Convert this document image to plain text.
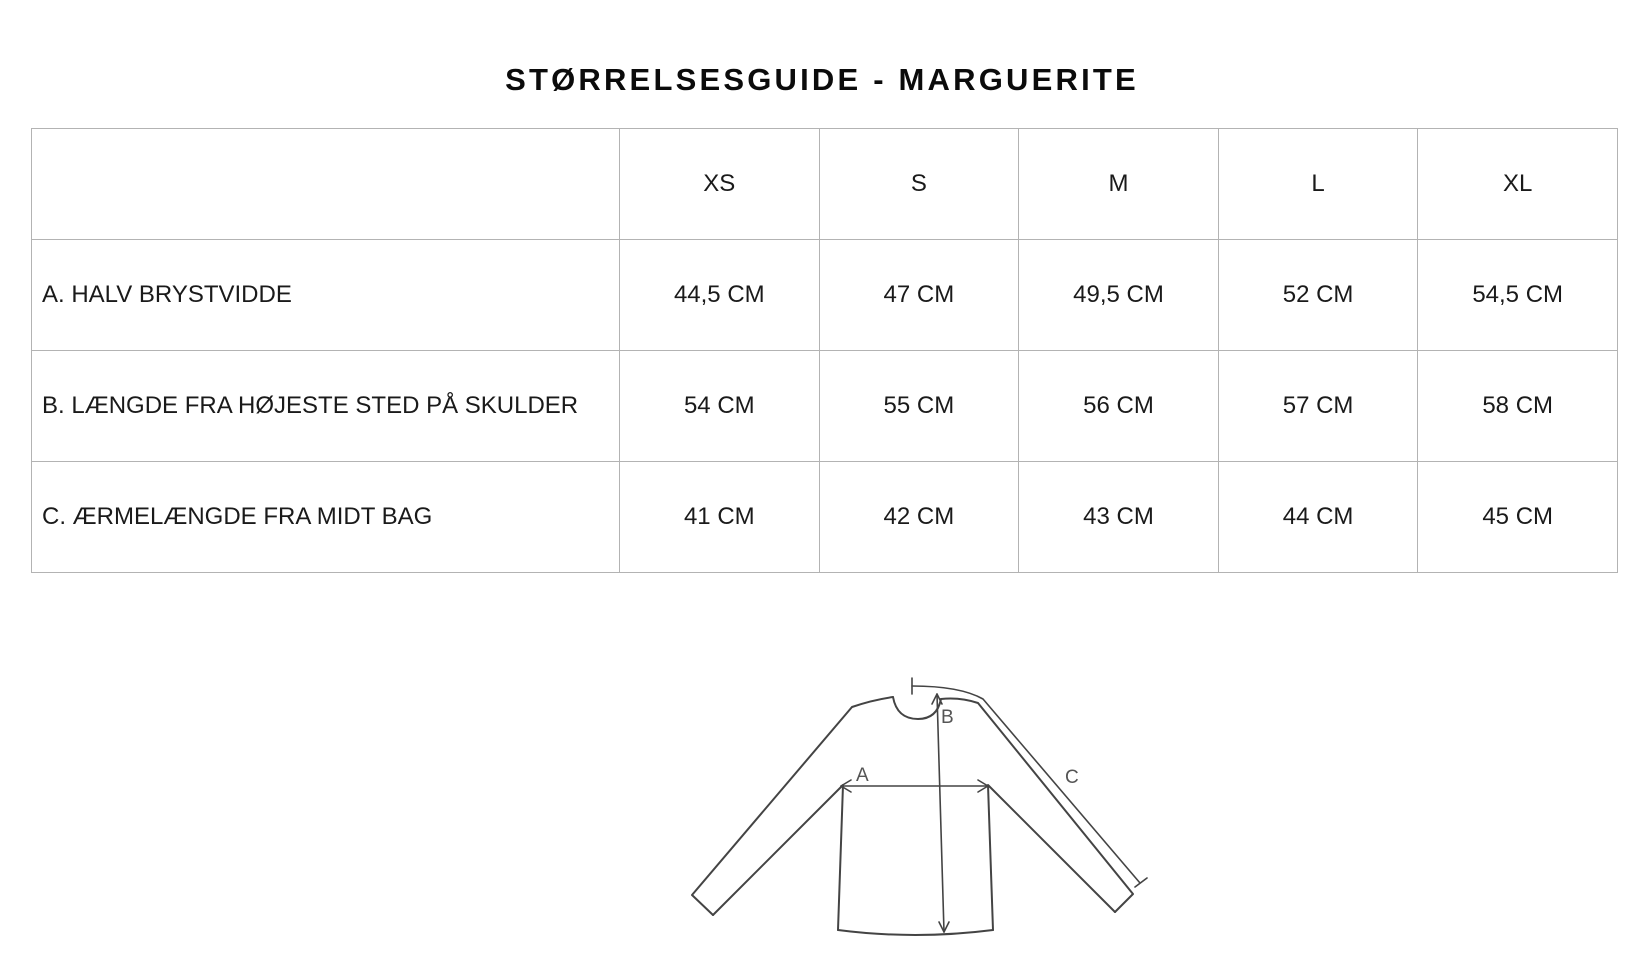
STØRRELSESGUIDE - MARGUERITE
	XS	S	M	L	XL
A. HALV BRYSTVIDDE	44,5 CM	47 CM	49,5 CM	52 CM	54,5 CM
B. LÆNGDE FRA HØJESTE STED PÅ SKULDER	54 CM	55 CM	56 CM	57 CM	58 CM
C. ÆRMELÆNGDE FRA MIDT BAG	41 CM	42 CM	43 CM	44 CM	45 CM
A
B
C
